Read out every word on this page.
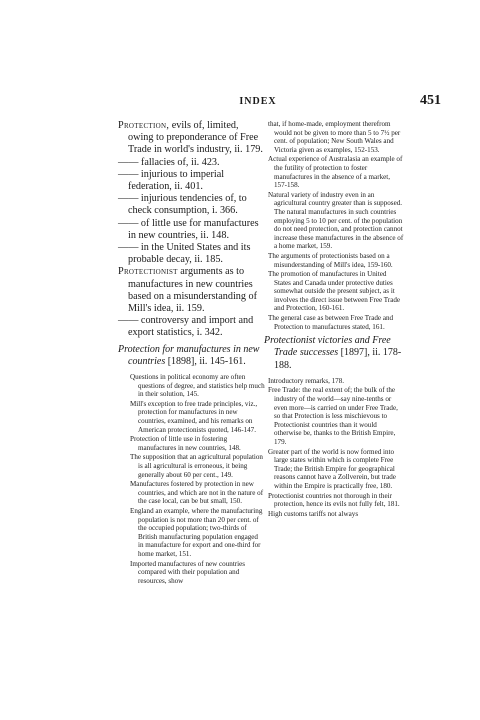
INDEX	451

Protection, evils of, limited, owing to preponderance of Free Trade in world's industry, ii. 179.

—— fallacies of, ii. 423.

—— injurious to imperial federation, ii. 401.

—— injurious tendencies of, to check consumption, i. 366.

—— of little use for manufactures in new countries, ii. 148.

—— in the United States and its probable decay, ii. 185.

Protectionist arguments as to manufactures in new countries based on a misunderstanding of Mill's idea, ii. 159.

—— controversy and import and export statistics, i. 342.

Protection for manufactures in new countries [1898], ii. 145-161.

Questions in political economy are often questions of degree, and statistics help much in their solution, 145.

Mill's exception to free trade principles, viz., protection for manufactures in new countries, examined, and his remarks on American protectionists quoted, 146-147.

Protection of little use in fostering manufactures in new countries, 148.

The supposition that an agricultural population is all agricultural is erroneous, it being generally about 60 per cent., 149.

Manufactures fostered by protection in new countries, and which are not in the nature of the case local, can be but small, 150.

England an example, where the manufacturing population is not more than 20 per cent. of the occupied population; two-thirds of British manufacturing population engaged in manufacture for export and one-third for home market, 151.

Imported manufactures of new countries compared with their population and resources, show

that, if home-made, employment therefrom would not be given to more than 5 to 7½ per cent. of population; New South Wales and Victoria given as examples, 152-153.

Actual experience of Australasia an example of the futility of protection to foster manufactures in the absence of a market, 157-158.

Natural variety of industry even in an agricultural country greater than is supposed. The natural manufactures in such countries employing 5 to 10 per cent. of the population do not need protection, and protection cannot increase these manufactures in the absence of a home market, 159.

The arguments of protectionists based on a misunderstanding of Mill's idea, 159-160.

The promotion of manufactures in United States and Canada under protective duties somewhat outside the present subject, as it involves the direct issue between Free Trade and Protection, 160-161.

The general case as between Free Trade and Protection to manufactures stated, 161.

Protectionist victories and Free Trade successes [1897], ii. 178-188.

Introductory remarks, 178.

Free Trade: the real extent of; the bulk of the industry of the world—say nine-tenths or even more—is carried on under Free Trade, so that Protection is less mischievous to Protectionist countries than it would otherwise be, thanks to the British Empire, 179.

Greater part of the world is now formed into large states within which is complete Free Trade; the British Empire for geographical reasons cannot have a Zollverein, but trade within the Empire is practically free, 180.

Protectionist countries not thorough in their protection, hence its evils not fully felt, 181.

High customs tariffs not always
